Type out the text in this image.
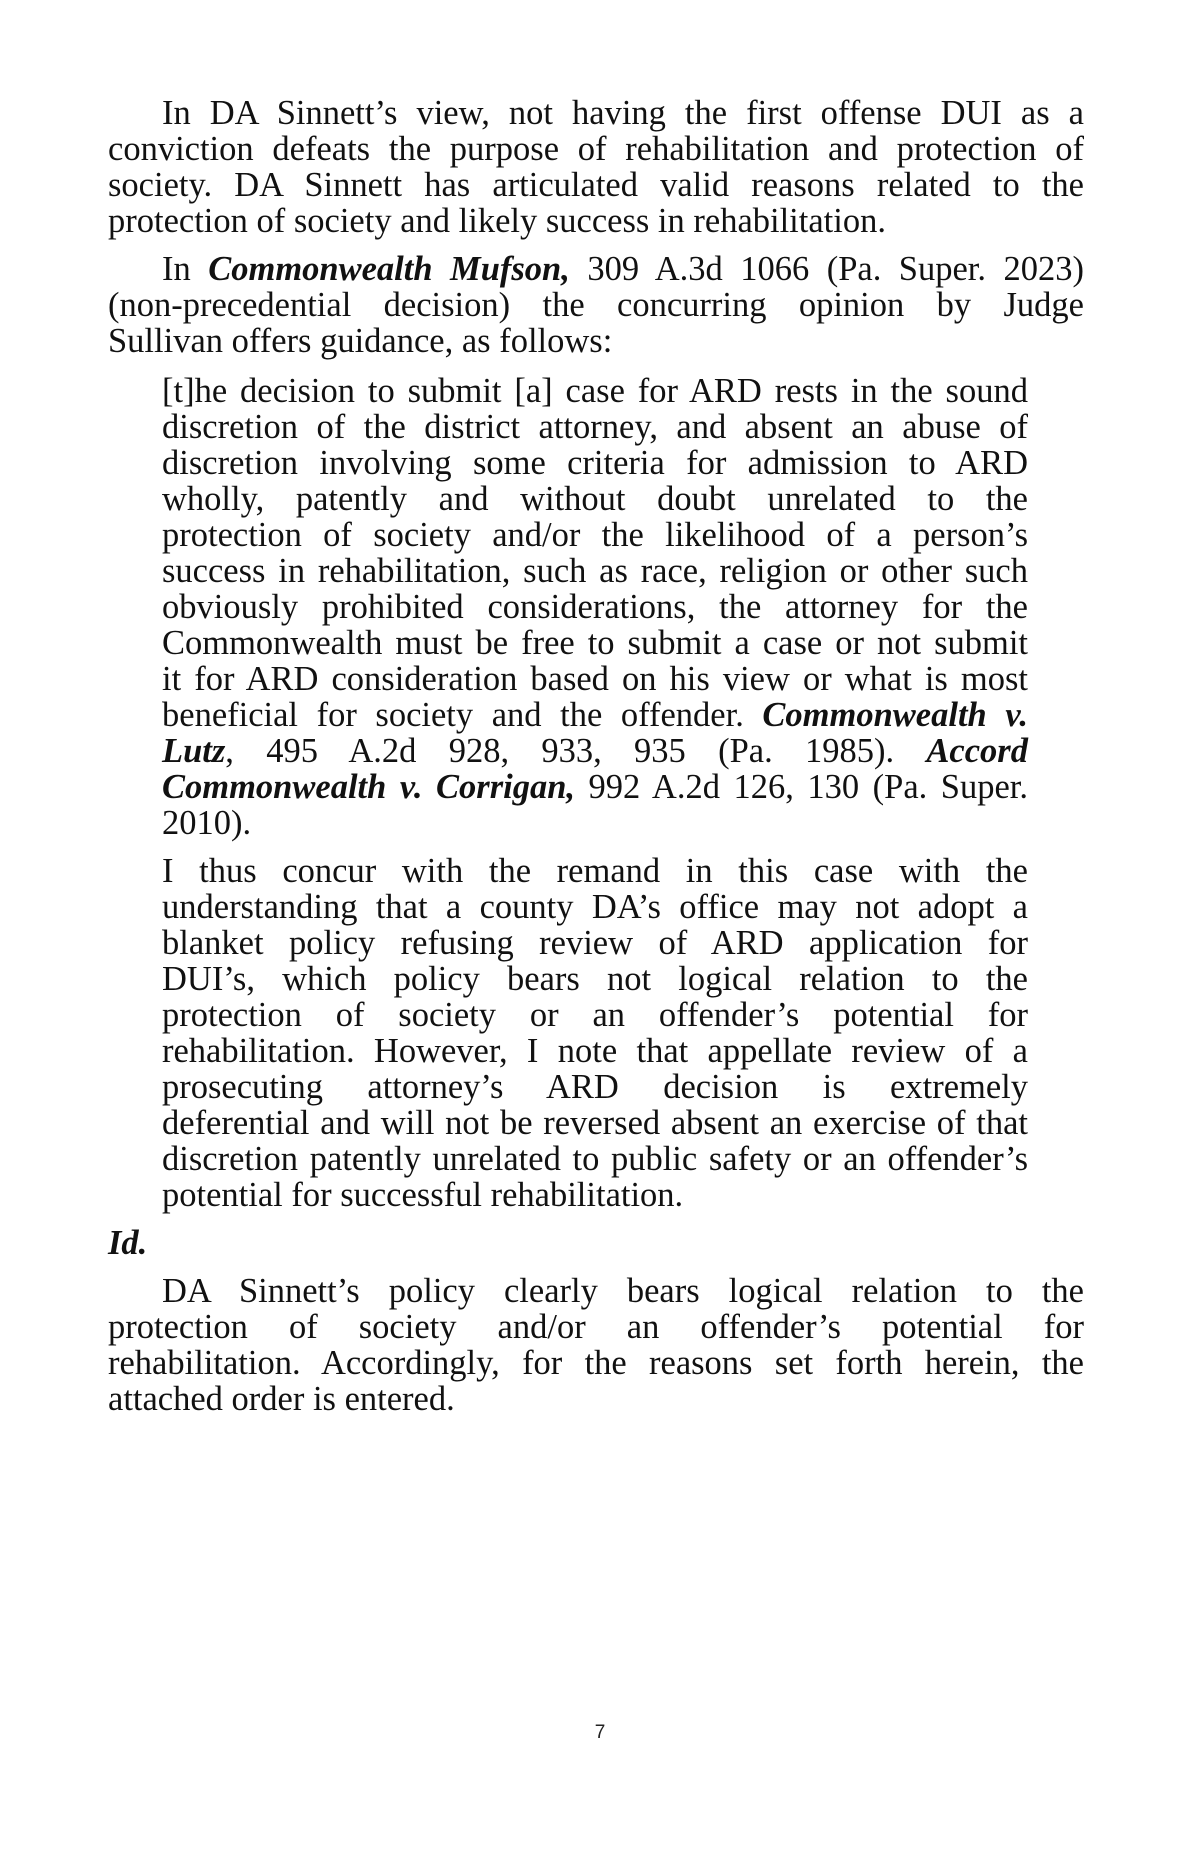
In DA Sinnett’s view, not having the first offense DUI as a
conviction defeats the purpose of rehabilitation and protection of
society. DA Sinnett has articulated valid reasons related to the
protection of society and likely success in rehabilitation.
In Commonwealth Mufson, 309 A.3d 1066 (Pa. Super. 2023)
(non-precedential decision) the concurring opinion by Judge
Sullivan offers guidance, as follows:
[t]he decision to submit [a] case for ARD rests in the sound
discretion of the district attorney, and absent an abuse of
discretion involving some criteria for admission to ARD
wholly, patently and without doubt unrelated to the
protection of society and/or the likelihood of a person’s
success in rehabilitation, such as race, religion or other such
obviously prohibited considerations, the attorney for the
Commonwealth must be free to submit a case or not submit
it for ARD consideration based on his view or what is most
beneficial for society and the offender. Commonwealth v.
Lutz, 495 A.2d 928, 933, 935 (Pa. 1985). Accord
Commonwealth v. Corrigan, 992 A.2d 126, 130 (Pa. Super.
2010).
I thus concur with the remand in this case with the
understanding that a county DA’s office may not adopt a
blanket policy refusing review of ARD application for
DUI’s, which policy bears not logical relation to the
protection of society or an offender’s potential for
rehabilitation. However, I note that appellate review of a
prosecuting attorney’s ARD decision is extremely
deferential and will not be reversed absent an exercise of that
discretion patently unrelated to public safety or an offender’s
potential for successful rehabilitation.
Id.
DA Sinnett’s policy clearly bears logical relation to the
protection of society and/or an offender’s potential for
rehabilitation. Accordingly, for the reasons set forth herein, the
attached order is entered.
7
